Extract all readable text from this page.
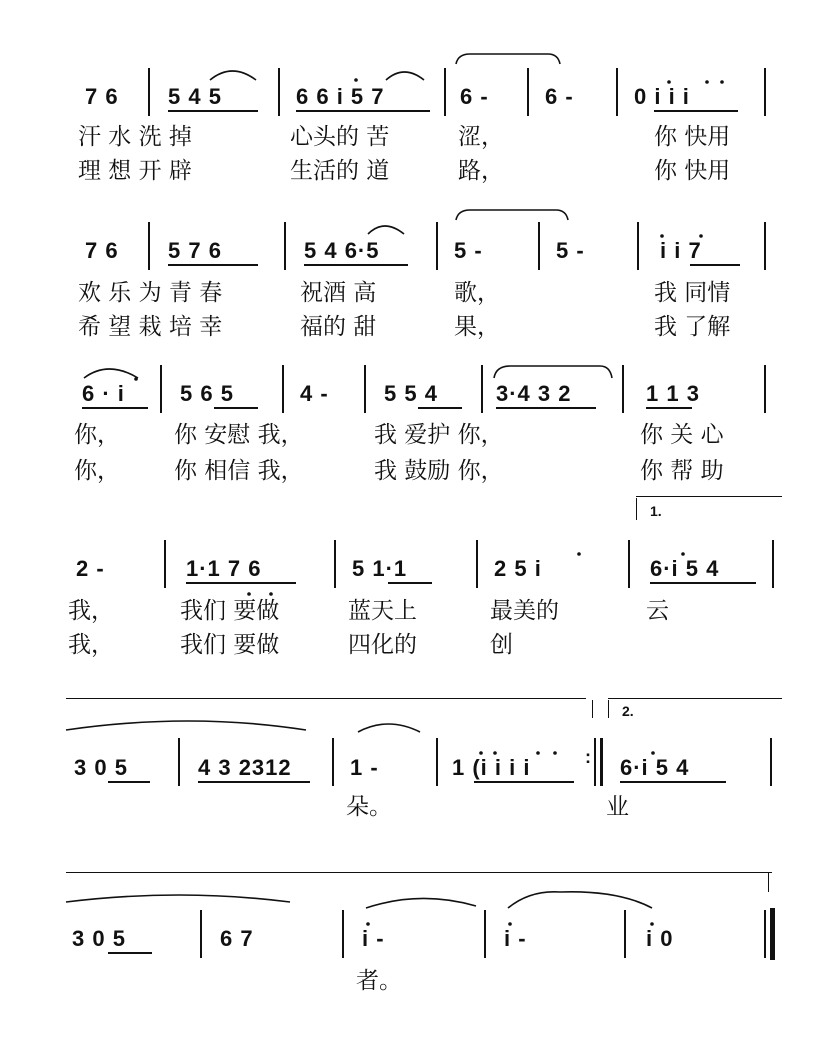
7 6 5 4 5	6 6 i 5 7	6 -	6 -	0 i i i
汗 水 洗 掉	心头的 苦	涩，	你 快用
理 想 开 辟	生活的 道	路，	你 快用
7 6 5 7 6	5 4 6·5	5 -	5 -	i i 7
欢 乐 为 青 春	祝酒 高	歌，	我 同情
希 望 栽 培 幸	福的 甜	果，	我 了解
6 · i	5 6 5	4 -	5 5 4	3·4 3 2	1 1 3
你， 你 安慰 我，	我 爱护 你，	你 关 心
你， 你 相信 我，	我 鼓励 你，	你 帮 助
1.
2 -	1·1 7 6	5 1·1	2 5 i	6·i 5 4
我，	我们 要做	蓝天上	最美的	云
我，	我们 要做	四化的	创
2.
3 0 5	4 3 2312	1 -	1 (i i i i	: 6·i 5 4
朵。	业
3 0 5	6 7	i -	i -	i 0
者。
